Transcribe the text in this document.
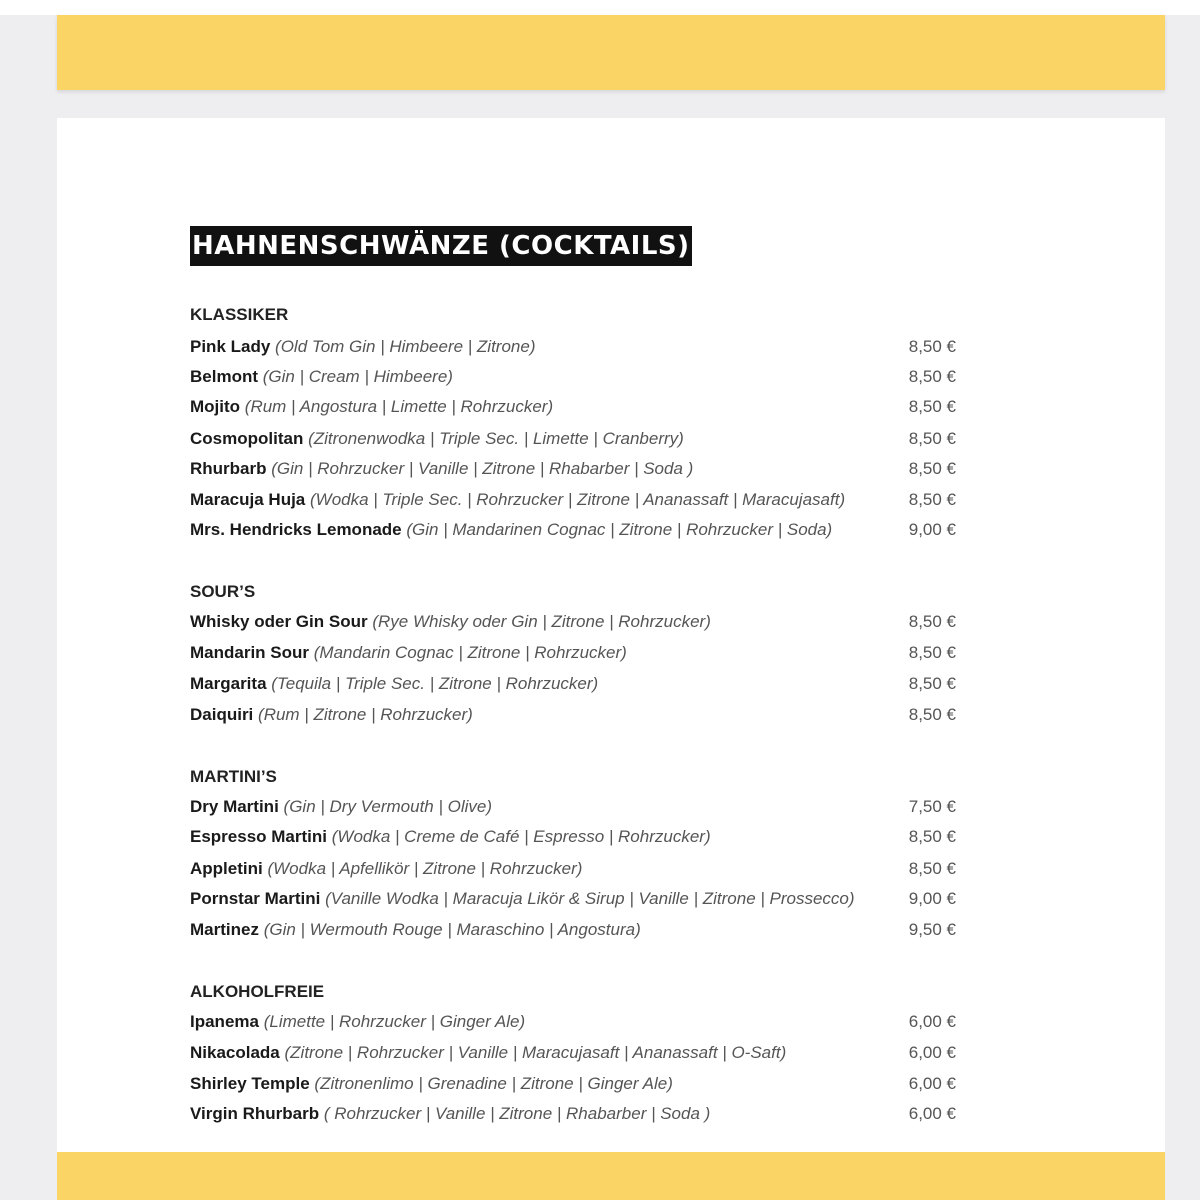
HAHNENSCHWÄNZE (COCKTAILS)
KLASSIKER
Pink Lady (Old Tom Gin | Himbeere | Zitrone)	8,50 €
Belmont (Gin | Cream | Himbeere)	8,50 €
Mojito (Rum | Angostura | Limette | Rohrzucker)	8,50 €
Cosmopolitan (Zitronenwodka | Triple Sec. | Limette | Cranberry)	8,50 €
Rhurbarb (Gin | Rohrzucker | Vanille | Zitrone | Rhabarber | Soda )	8,50 €
Maracuja Huja (Wodka | Triple Sec. | Rohrzucker | Zitrone | Ananassaft | Maracujasaft)	8,50 €
Mrs. Hendricks Lemonade (Gin | Mandarinen Cognac | Zitrone | Rohrzucker | Soda)	9,00 €
SOUR’S
Whisky oder Gin Sour (Rye Whisky oder Gin | Zitrone | Rohrzucker)	8,50 €
Mandarin Sour (Mandarin Cognac | Zitrone | Rohrzucker)	8,50 €
Margarita (Tequila | Triple Sec. | Zitrone | Rohrzucker)	8,50 €
Daiquiri (Rum | Zitrone | Rohrzucker)	8,50 €
MARTINI’S
Dry Martini (Gin | Dry Vermouth | Olive)	7,50 €
Espresso Martini (Wodka | Creme de Café | Espresso | Rohrzucker)	8,50 €
Appletini (Wodka | Apfellikör | Zitrone | Rohrzucker)	8,50 €
Pornstar Martini (Vanille Wodka | Maracuja Likör & Sirup | Vanille | Zitrone | Prossecco)	9,00 €
Martinez (Gin | Wermouth Rouge | Maraschino | Angostura)	9,50 €
ALKOHOLFREIE
Ipanema (Limette | Rohrzucker | Ginger Ale)	6,00 €
Nikacolada (Zitrone | Rohrzucker | Vanille | Maracujasaft | Ananassaft | O-Saft)	6,00 €
Shirley Temple (Zitronenlimo | Grenadine | Zitrone | Ginger Ale)	6,00 €
Virgin Rhurbarb ( Rohrzucker | Vanille | Zitrone | Rhabarber | Soda )	6,00 €
